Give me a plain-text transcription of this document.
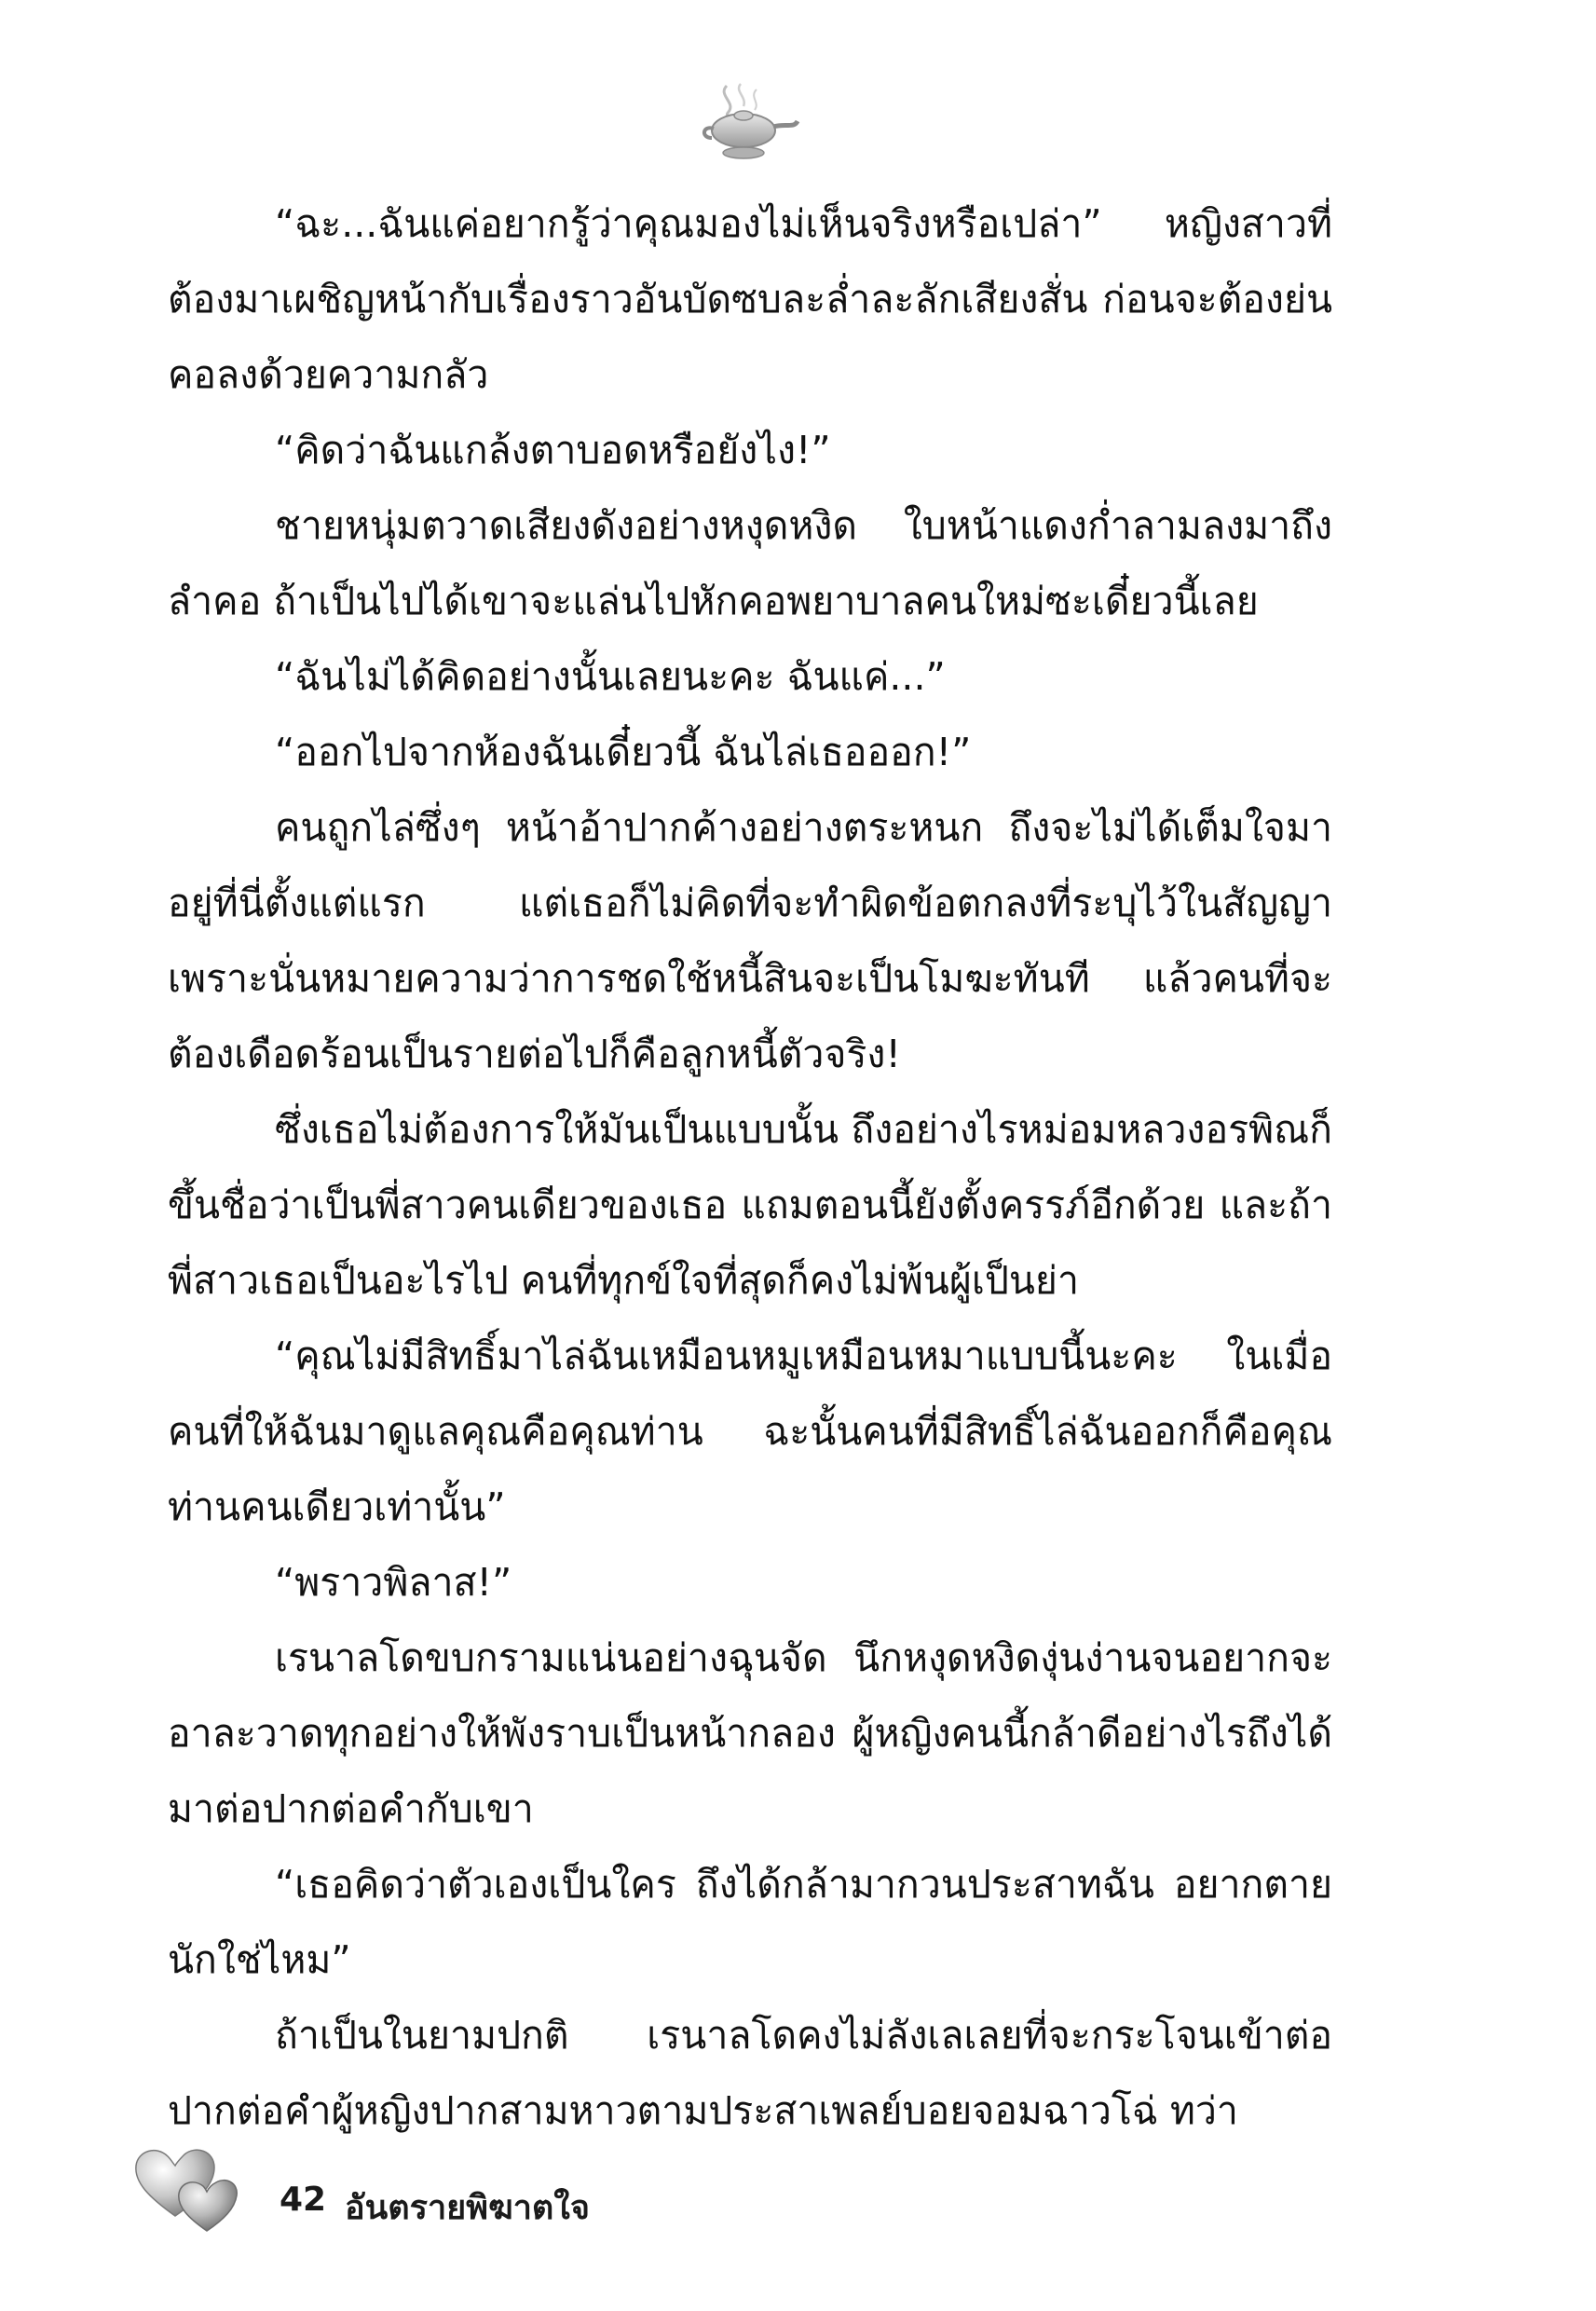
“ฉะ...ฉันแค่อยากรู้ว่าคุณมองไม่เห็นจริงหรือเปล่า” หญิงสาวที่ต้องมาเผชิญหน้ากับเรื่องราวอันบัดซบละล่ำละลักเสียงสั่น ก่อนจะต้องย่นคอลงด้วยความกลัว

“คิดว่าฉันแกล้งตาบอดหรือยังไง!”

ชายหนุ่มตวาดเสียงดังอย่างหงุดหงิด ใบหน้าแดงก่ำลามลงมาถึงลำคอ ถ้าเป็นไปได้เขาจะแล่นไปหักคอพยาบาลคนใหม่ซะเดี๋ยวนี้เลย

“ฉันไม่ได้คิดอย่างนั้นเลยนะคะ ฉันแค่...”

“ออกไปจากห้องฉันเดี๋ยวนี้ ฉันไล่เธอออก!”

คนถูกไล่ซึ่งๆ หน้าอ้าปากค้างอย่างตระหนก ถึงจะไม่ได้เต็มใจมาอยู่ที่นี่ตั้งแต่แรก แต่เธอก็ไม่คิดที่จะทำผิดข้อตกลงที่ระบุไว้ในสัญญา เพราะนั่นหมายความว่าการชดใช้หนี้สินจะเป็นโมฆะทันที แล้วคนที่จะต้องเดือดร้อนเป็นรายต่อไปก็คือลูกหนี้ตัวจริง!

ซึ่งเธอไม่ต้องการให้มันเป็นแบบนั้น ถึงอย่างไรหม่อมหลวงอรพิณก็ขึ้นชื่อว่าเป็นพี่สาวคนเดียวของเธอ แถมตอนนี้ยังตั้งครรภ์อีกด้วย และถ้าพี่สาวเธอเป็นอะไรไป คนที่ทุกข์ใจที่สุดก็คงไม่พ้นผู้เป็นย่า

“คุณไม่มีสิทธิ์มาไล่ฉันเหมือนหมูเหมือนหมาแบบนี้นะคะ ในเมื่อคนที่ให้ฉันมาดูแลคุณคือคุณท่าน ฉะนั้นคนที่มีสิทธิ์ไล่ฉันออกก็คือคุณท่านคนเดียวเท่านั้น”

“พราวพิลาส!”

เรนาลโดขบกรามแน่นอย่างฉุนจัด นึกหงุดหงิดงุ่นง่านจนอยากจะอาละวาดทุกอย่างให้พังราบเป็นหน้ากลอง ผู้หญิงคนนี้กล้าดีอย่างไรถึงได้มาต่อปากต่อคำกับเขา

“เธอคิดว่าตัวเองเป็นใคร ถึงได้กล้ามากวนประสาทฉัน อยากตายนักใช่ไหม”

ถ้าเป็นในยามปกติ เรนาลโดคงไม่ลังเลเลยที่จะกระโจนเข้าต่อปากต่อคำผู้หญิงปากสามหาวตามประสาเพลย์บอยจอมฉาวโฉ่ ทว่า

42 อันตรายพิฆาตใจ
